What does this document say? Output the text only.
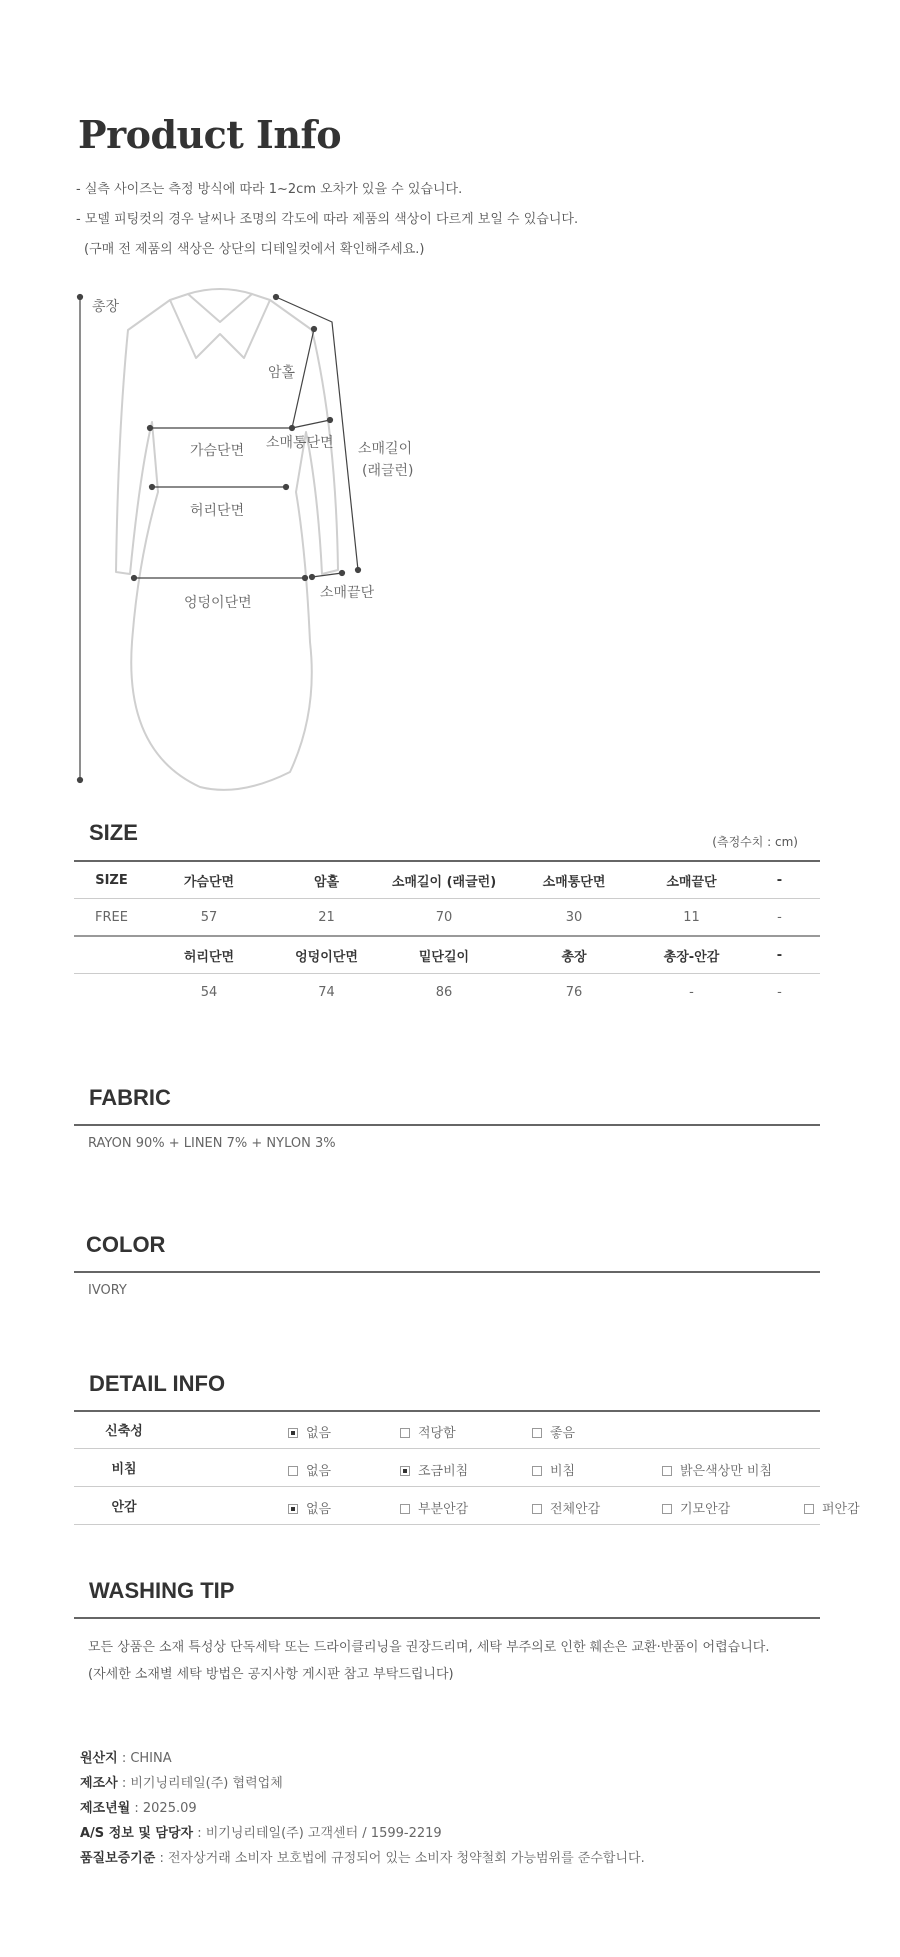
Product Info
- 실측 사이즈는 측정 방식에 따라 1~2cm 오차가 있을 수 있습니다.
- 모델 피팅컷의 경우 날씨나 조명의 각도에 따라 제품의 색상이 다르게 보일 수 있습니다.
(구매 전 제품의 색상은 상단의 디테일컷에서 확인해주세요.)
총장
암홀
가슴단면 소매통단면 소매길이
(래글런)
허리단면
엉덩이단면
소매끝단
SIZE	(측정수치 : cm)
SIZE	가슴단면	암홀	소매길이 (래글런)	소매통단면	소매끝단	-
FREE	57	21	70	30	11	-
	허리단면	엉덩이단면	밑단길이	총장	총장-안감	-
	54	74	86	76	-	-
FABRIC
RAYON 90% + LINEN 7% + NYLON 3%
COLOR
IVORY
DETAIL INFO
신축성	없음 적당함 좋음

비침	없음 조금비침 비침 밝은색상만 비침

안감	없음 부분안감 전체안감 기모안감 퍼안감
WASHING TIP
모든 상품은 소재 특성상 단독세탁 또는 드라이클리닝을 권장드리며, 세탁 부주의로 인한 훼손은 교환·반품이 어렵습니다.
(자세한 소재별 세탁 방법은 공지사항 게시판 참고 부탁드립니다)
원산지 : CHINA
제조사 : 비기닝리테일(주) 협력업체
제조년월 : 2025.09
A/S 정보 및 담당자 : 비기닝리테일(주) 고객센터 / 1599-2219
품질보증기준 : 전자상거래 소비자 보호법에 규정되어 있는 소비자 청약철회 가능범위를 준수합니다.
